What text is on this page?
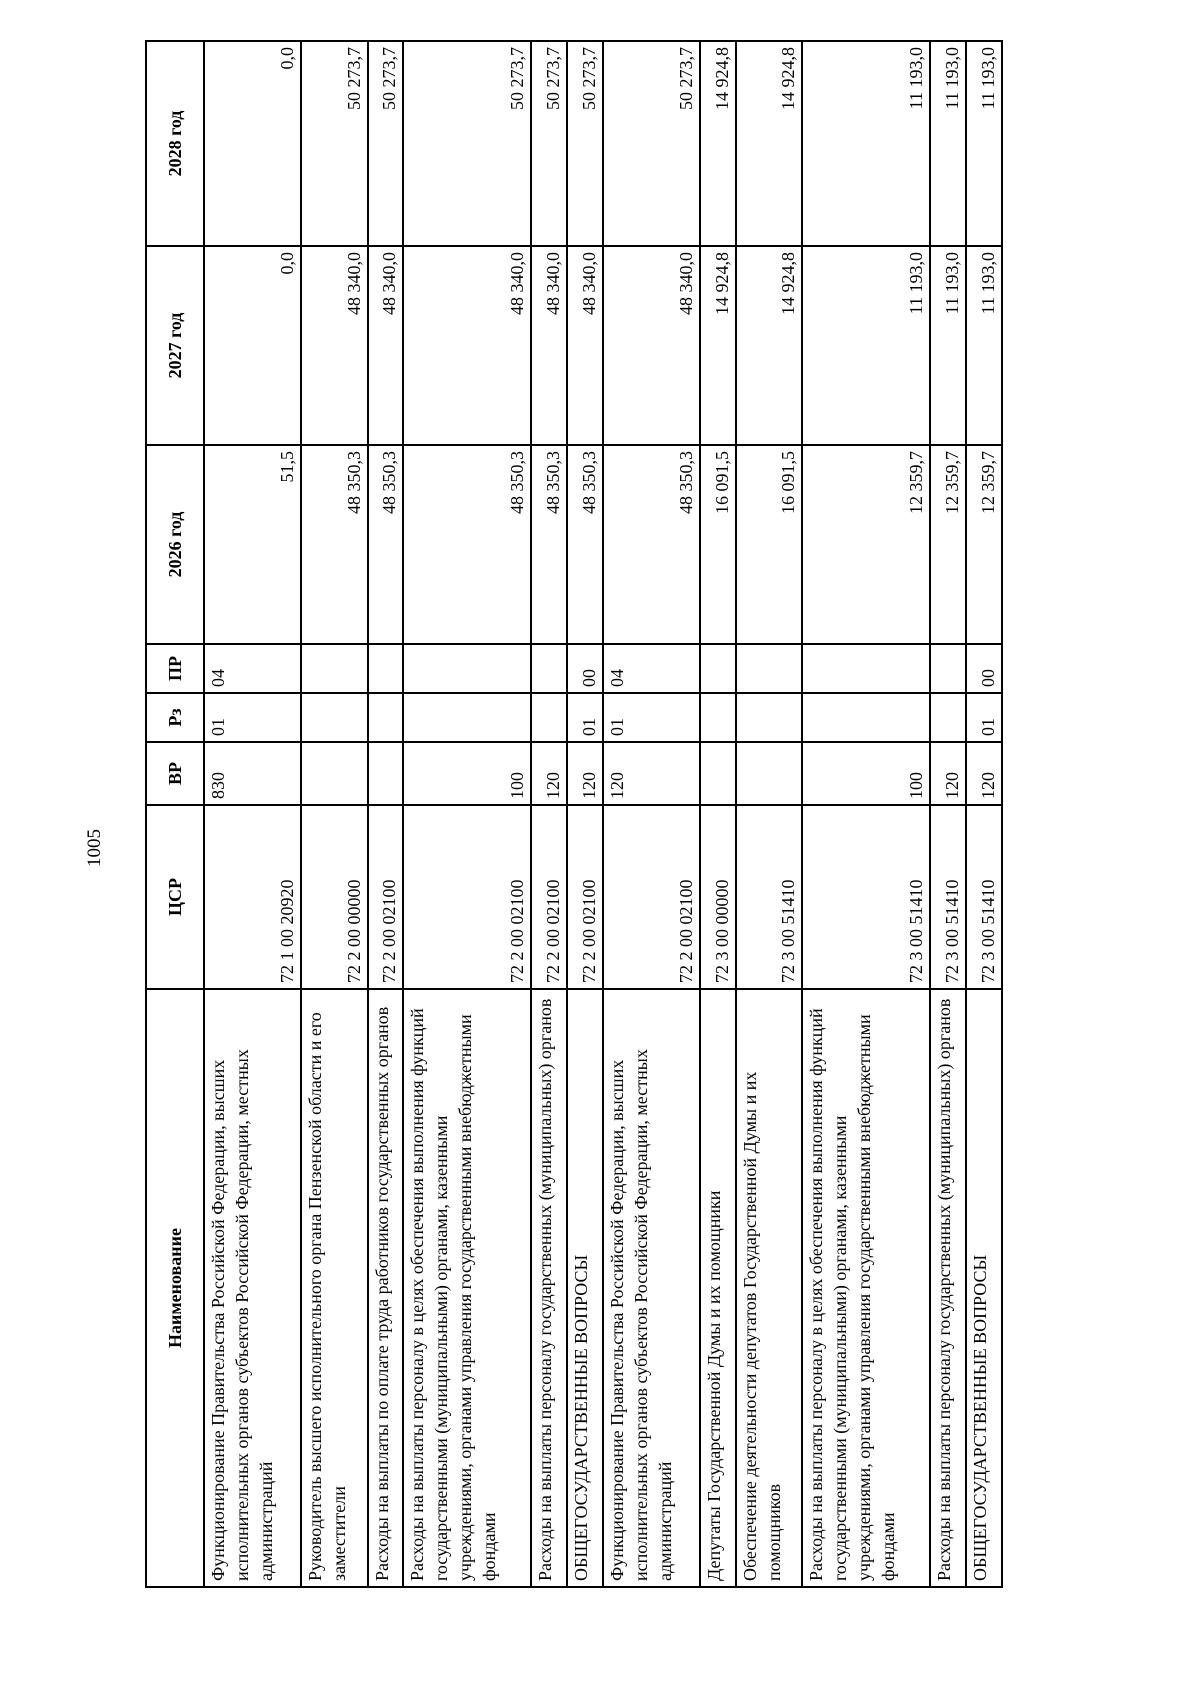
1005
Наименование	ЦСР	ВР	Рз	ПР	2026 год	2027 год	2028 год
Функционирование Правительства Российской Федерации, высших исполнительных органов субъектов Российской Федерации, местных администраций	72 1 00 20920	830	01	04	51,5	0,0	0,0
Руководитель высшего исполнительного органа Пензенской области и его заместители	72 2 00 00000				48 350,3	48 340,0	50 273,7
Расходы на выплаты по оплате труда работников государственных органов	72 2 00 02100				48 350,3	48 340,0	50 273,7
Расходы на выплаты персоналу в целях обеспечения выполнения функций государственными (муниципальными) органами, казенными учреждениями, органами управления государственными внебюджетными фондами	72 2 00 02100	100			48 350,3	48 340,0	50 273,7
Расходы на выплаты персоналу государственных (муниципальных) органов	72 2 00 02100	120			48 350,3	48 340,0	50 273,7
ОБЩЕГОСУДАРСТВЕННЫЕ ВОПРОСЫ	72 2 00 02100	120	01	00	48 350,3	48 340,0	50 273,7
Функционирование Правительства Российской Федерации, высших исполнительных органов субъектов Российской Федерации, местных администраций	72 2 00 02100	120	01	04	48 350,3	48 340,0	50 273,7
Депутаты Государственной Думы и их помощники	72 3 00 00000				16 091,5	14 924,8	14 924,8
Обеспечение деятельности депутатов Государственной Думы и их помощников	72 3 00 51410				16 091,5	14 924,8	14 924,8
Расходы на выплаты персоналу в целях обеспечения выполнения функций государственными (муниципальными) органами, казенными учреждениями, органами управления государственными внебюджетными фондами	72 3 00 51410	100			12 359,7	11 193,0	11 193,0
Расходы на выплаты персоналу государственных (муниципальных) органов	72 3 00 51410	120			12 359,7	11 193,0	11 193,0
ОБЩЕГОСУДАРСТВЕННЫЕ ВОПРОСЫ	72 3 00 51410	120	01	00	12 359,7	11 193,0	11 193,0
